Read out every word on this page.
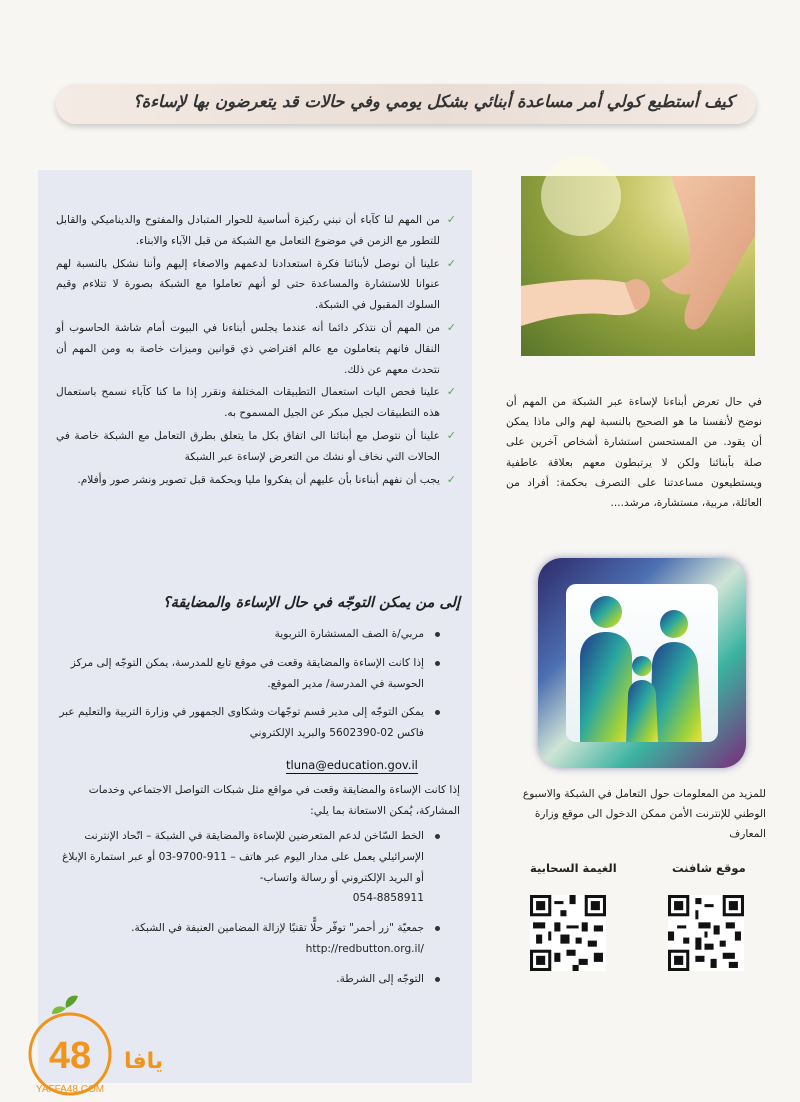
كيف أستطيع كولي أمر مساعدة أبنائي بشكل يومي وفي حالات قد يتعرضون بها لإساءة؟
✓
من المهم لنا كآباء أن نبني ركيزة أساسية للحوار المتبادل والمفتوح والديناميكي والقابل للتطور مع الزمن في موضوع التعامل مع الشبكة من قبل الآباء والابناء.
✓
علينا أن نوصل لأبنائنا فكرة استعدادنا لدعمهم والاصغاء إليهم وأننا نشكل بالنسبة لهم عنوانا للاستشارة والمساعدة حتى لو أنهم تعاملوا مع الشبكة بصورة لا تتلاءم وقيم السلوك المقبول في الشبكة.
✓
من المهم أن نتذكر دائما أنه عندما يجلس أبناءنا في البيوت أمام شاشة الحاسوب أو النقال فانهم يتعاملون مع عالم افتراضي ذي قوانين وميزات خاصة به ومن المهم أن نتحدث معهم عن ذلك.
✓
علينا فحص اليات استعمال التطبيقات المختلفة ونقرر إذا ما كنا كآباء نسمح باستعمال هذه التطبيقات لجيل مبكر عن الجيل المسموح به.
✓
علينا أن نتوصل مع أبنائنا الى اتفاق بكل ما يتعلق بطرق التعامل مع الشبكة خاصة في الحالات التي نخاف أو نشك من التعرض لإساءة عبر الشبكة
✓
يجب أن نفهم أبناءنا بأن عليهم أن يفكروا مليا وبحكمة قبل تصوير ونشر صور وأفلام.
إلى من يمكن التوجّه في حال الإساءة والمضايقة؟
مربي/ة الصف المستشارة التربوية
إذا كانت الإساءة والمضايقة وقعت في موقع تابع للمدرسة، يمكن التوجّه إلى مركز الحوسبة في المدرسة/ مدير الموقع.
يمكن التوجّه إلى مدير قسم توجّهات وشكاوى الجمهور في وزارة التربية والتعليم عبر فاكس 02-5602390 والبريد الإلكتروني
tluna@education.gov.il
إذا كانت الإساءة والمضايقة وقعت في مواقع مثل شبكات التواصل الاجتماعي وخدمات المشاركة، يُمكن الاستعانة بما يلي:
الخط السّاخن لدعم المتعرضين للإساءة والمضايقة في الشبكة – اتّحاد الإنترنت الإسرائيلي يعمل على مدار اليوم عبر هاتف – 911-9700-03 أو عبر استمارة الإبلاغ أو البريد الإلكتروني أو رسالة واتساب-
054-8858911
جمعيّة "زر أحمر" توفّر حلًّا تقنيًا لإزالة المضامين العنيفة في الشبكة.
http://redbutton.org.il/
التوجّه إلى الشرطة.
في حال تعرض أبناءنا لإساءة عبر الشبكة من المهم أن نوضح لأنفسنا ما هو الصحيح بالنسبة لهم والى ماذا يمكن أن يقود. من المستحسن استشارة أشخاص آخرين على صلة بأبنائنا ولكن لا يرتبطون معهم بعلاقة عاطفية ويستطيعون مساعدتنا على التصرف بحكمة: أفراد من العائلة، مربية، مستشارة، مرشد....
للمزيد من المعلومات حول التعامل في الشبكة والاسبوع الوطني للإنترنت الأمن ممكن الدخول الى موقع وزارة المعارف
موقع شافنت
الغيمة السحابية
48 يافا
YAFFA48.COM
